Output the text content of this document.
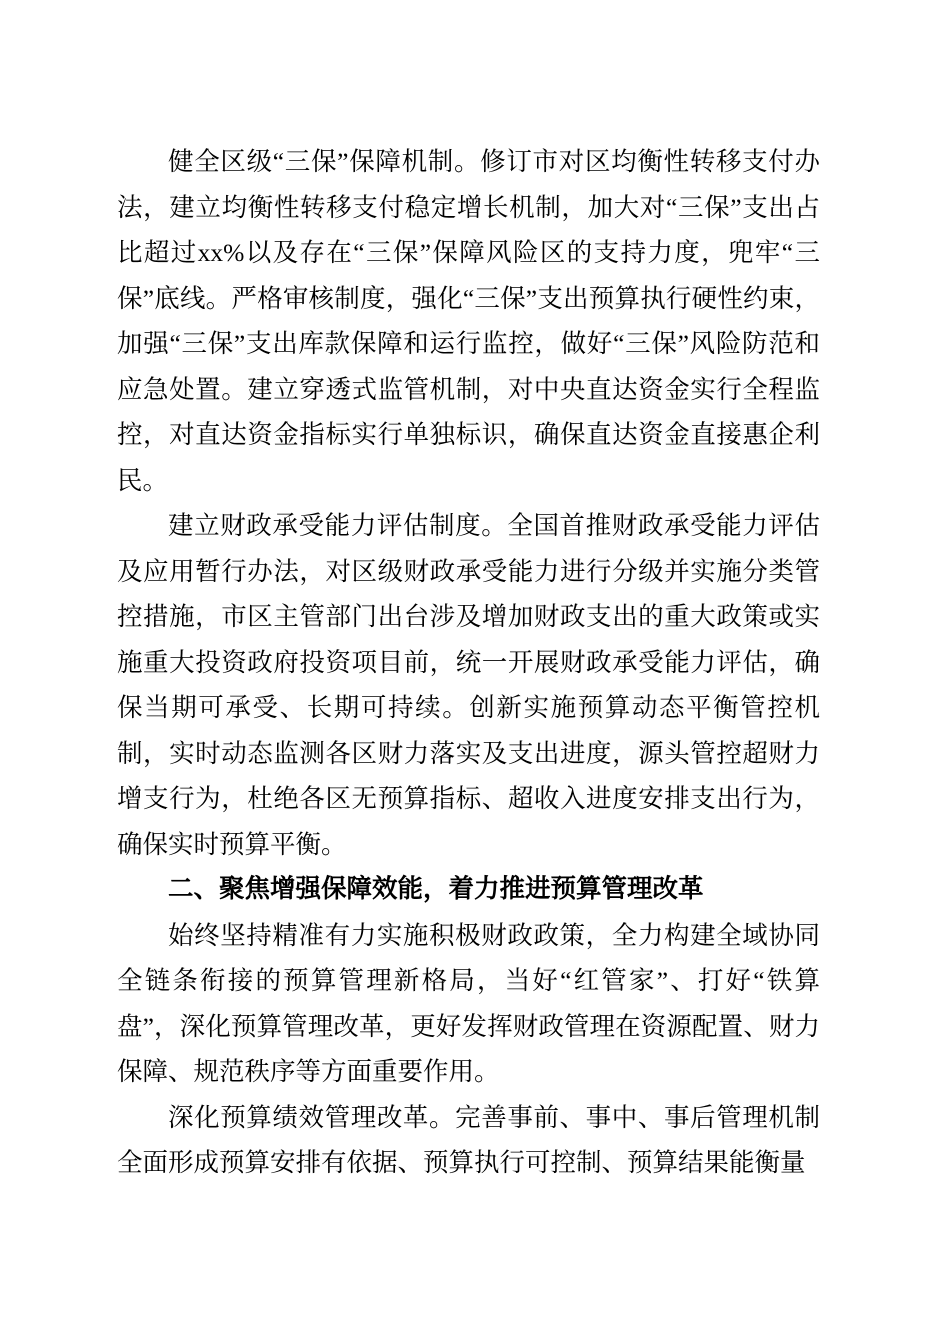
健全区级“三保”保障机制。修订市对区均衡性转移支付办法，建立均衡性转移支付稳定增长机制，加大对“三保”支出占比超过xx%以及存在“三保”保障风险区的支持力度，兜牢“三保”底线。严格审核制度，强化“三保”支出预算执行硬性约束，加强“三保”支出库款保障和运行监控，做好“三保”风险防范和应急处置。建立穿透式监管机制，对中央直达资金实行全程监控，对直达资金指标实行单独标识，确保直达资金直接惠企利民。

建立财政承受能力评估制度。全国首推财政承受能力评估及应用暂行办法，对区级财政承受能力进行分级并实施分类管控措施，市区主管部门出台涉及增加财政支出的重大政策或实施重大投资政府投资项目前，统一开展财政承受能力评估，确保当期可承受、长期可持续。创新实施预算动态平衡管控机制，实时动态监测各区财力落实及支出进度，源头管控超财力增支行为，杜绝各区无预算指标、超收入进度安排支出行为，确保实时预算平衡。

二、聚焦增强保障效能，着力推进预算管理改革

始终坚持精准有力实施积极财政政策，全力构建全域协同全链条衔接的预算管理新格局，当好“红管家”、打好“铁算盘”，深化预算管理改革，更好发挥财政管理在资源配置、财力保障、规范秩序等方面重要作用。

深化预算绩效管理改革。完善事前、事中、事后管理机制全面形成预算安排有依据、预算执行可控制、预算结果能衡量
